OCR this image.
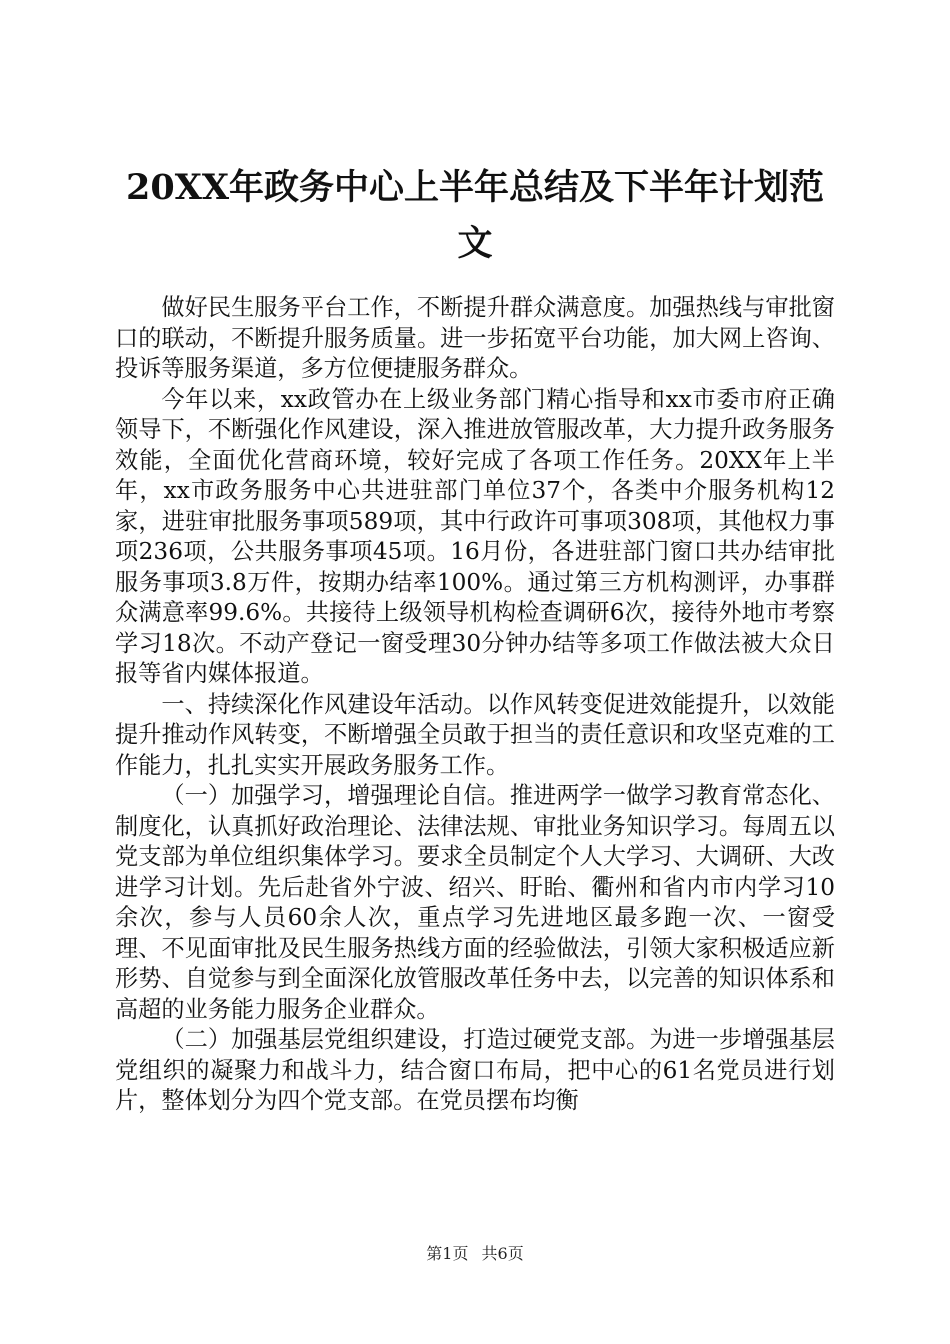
20XX年政务中心上半年总结及下半年计划范文

做好民生服务平台工作，不断提升群众满意度。加强热线与审批窗口的联动，不断提升服务质量。进一步拓宽平台功能，加大网上咨询、投诉等服务渠道，多方位便捷服务群众。

今年以来，xx政管办在上级业务部门精心指导和xx市委市府正确领导下，不断强化作风建设，深入推进放管服改革，大力提升政务服务效能，全面优化营商环境，较好完成了各项工作任务。20XX年上半年，xx市政务服务中心共进驻部门单位37个，各类中介服务机构12家，进驻审批服务事项589项，其中行政许可事项308项，其他权力事项236项，公共服务事项45项。16月份，各进驻部门窗口共办结审批服务事项3.8万件，按期办结率100%。通过第三方机构测评，办事群众满意率99.6%。共接待上级领导机构检查调研6次，接待外地市考察学习18次。不动产登记一窗受理30分钟办结等多项工作做法被大众日报等省内媒体报道。

一、持续深化作风建设年活动。以作风转变促进效能提升，以效能提升推动作风转变，不断增强全员敢于担当的责任意识和攻坚克难的工作能力，扎扎实实开展政务服务工作。

（一）加强学习，增强理论自信。推进两学一做学习教育常态化、制度化，认真抓好政治理论、法律法规、审批业务知识学习。每周五以党支部为单位组织集体学习。要求全员制定个人大学习、大调研、大改进学习计划。先后赴省外宁波、绍兴、盱眙、衢州和省内市内学习10余次，参与人员60余人次，重点学习先进地区最多跑一次、一窗受理、不见面审批及民生服务热线方面的经验做法，引领大家积极适应新形势、自觉参与到全面深化放管服改革任务中去，以完善的知识体系和高超的业务能力服务企业群众。

（二）加强基层党组织建设，打造过硬党支部。为进一步增强基层党组织的凝聚力和战斗力，结合窗口布局，把中心的61名党员进行划片，整体划分为四个党支部。在党员摆布均衡

第1页 共6页
